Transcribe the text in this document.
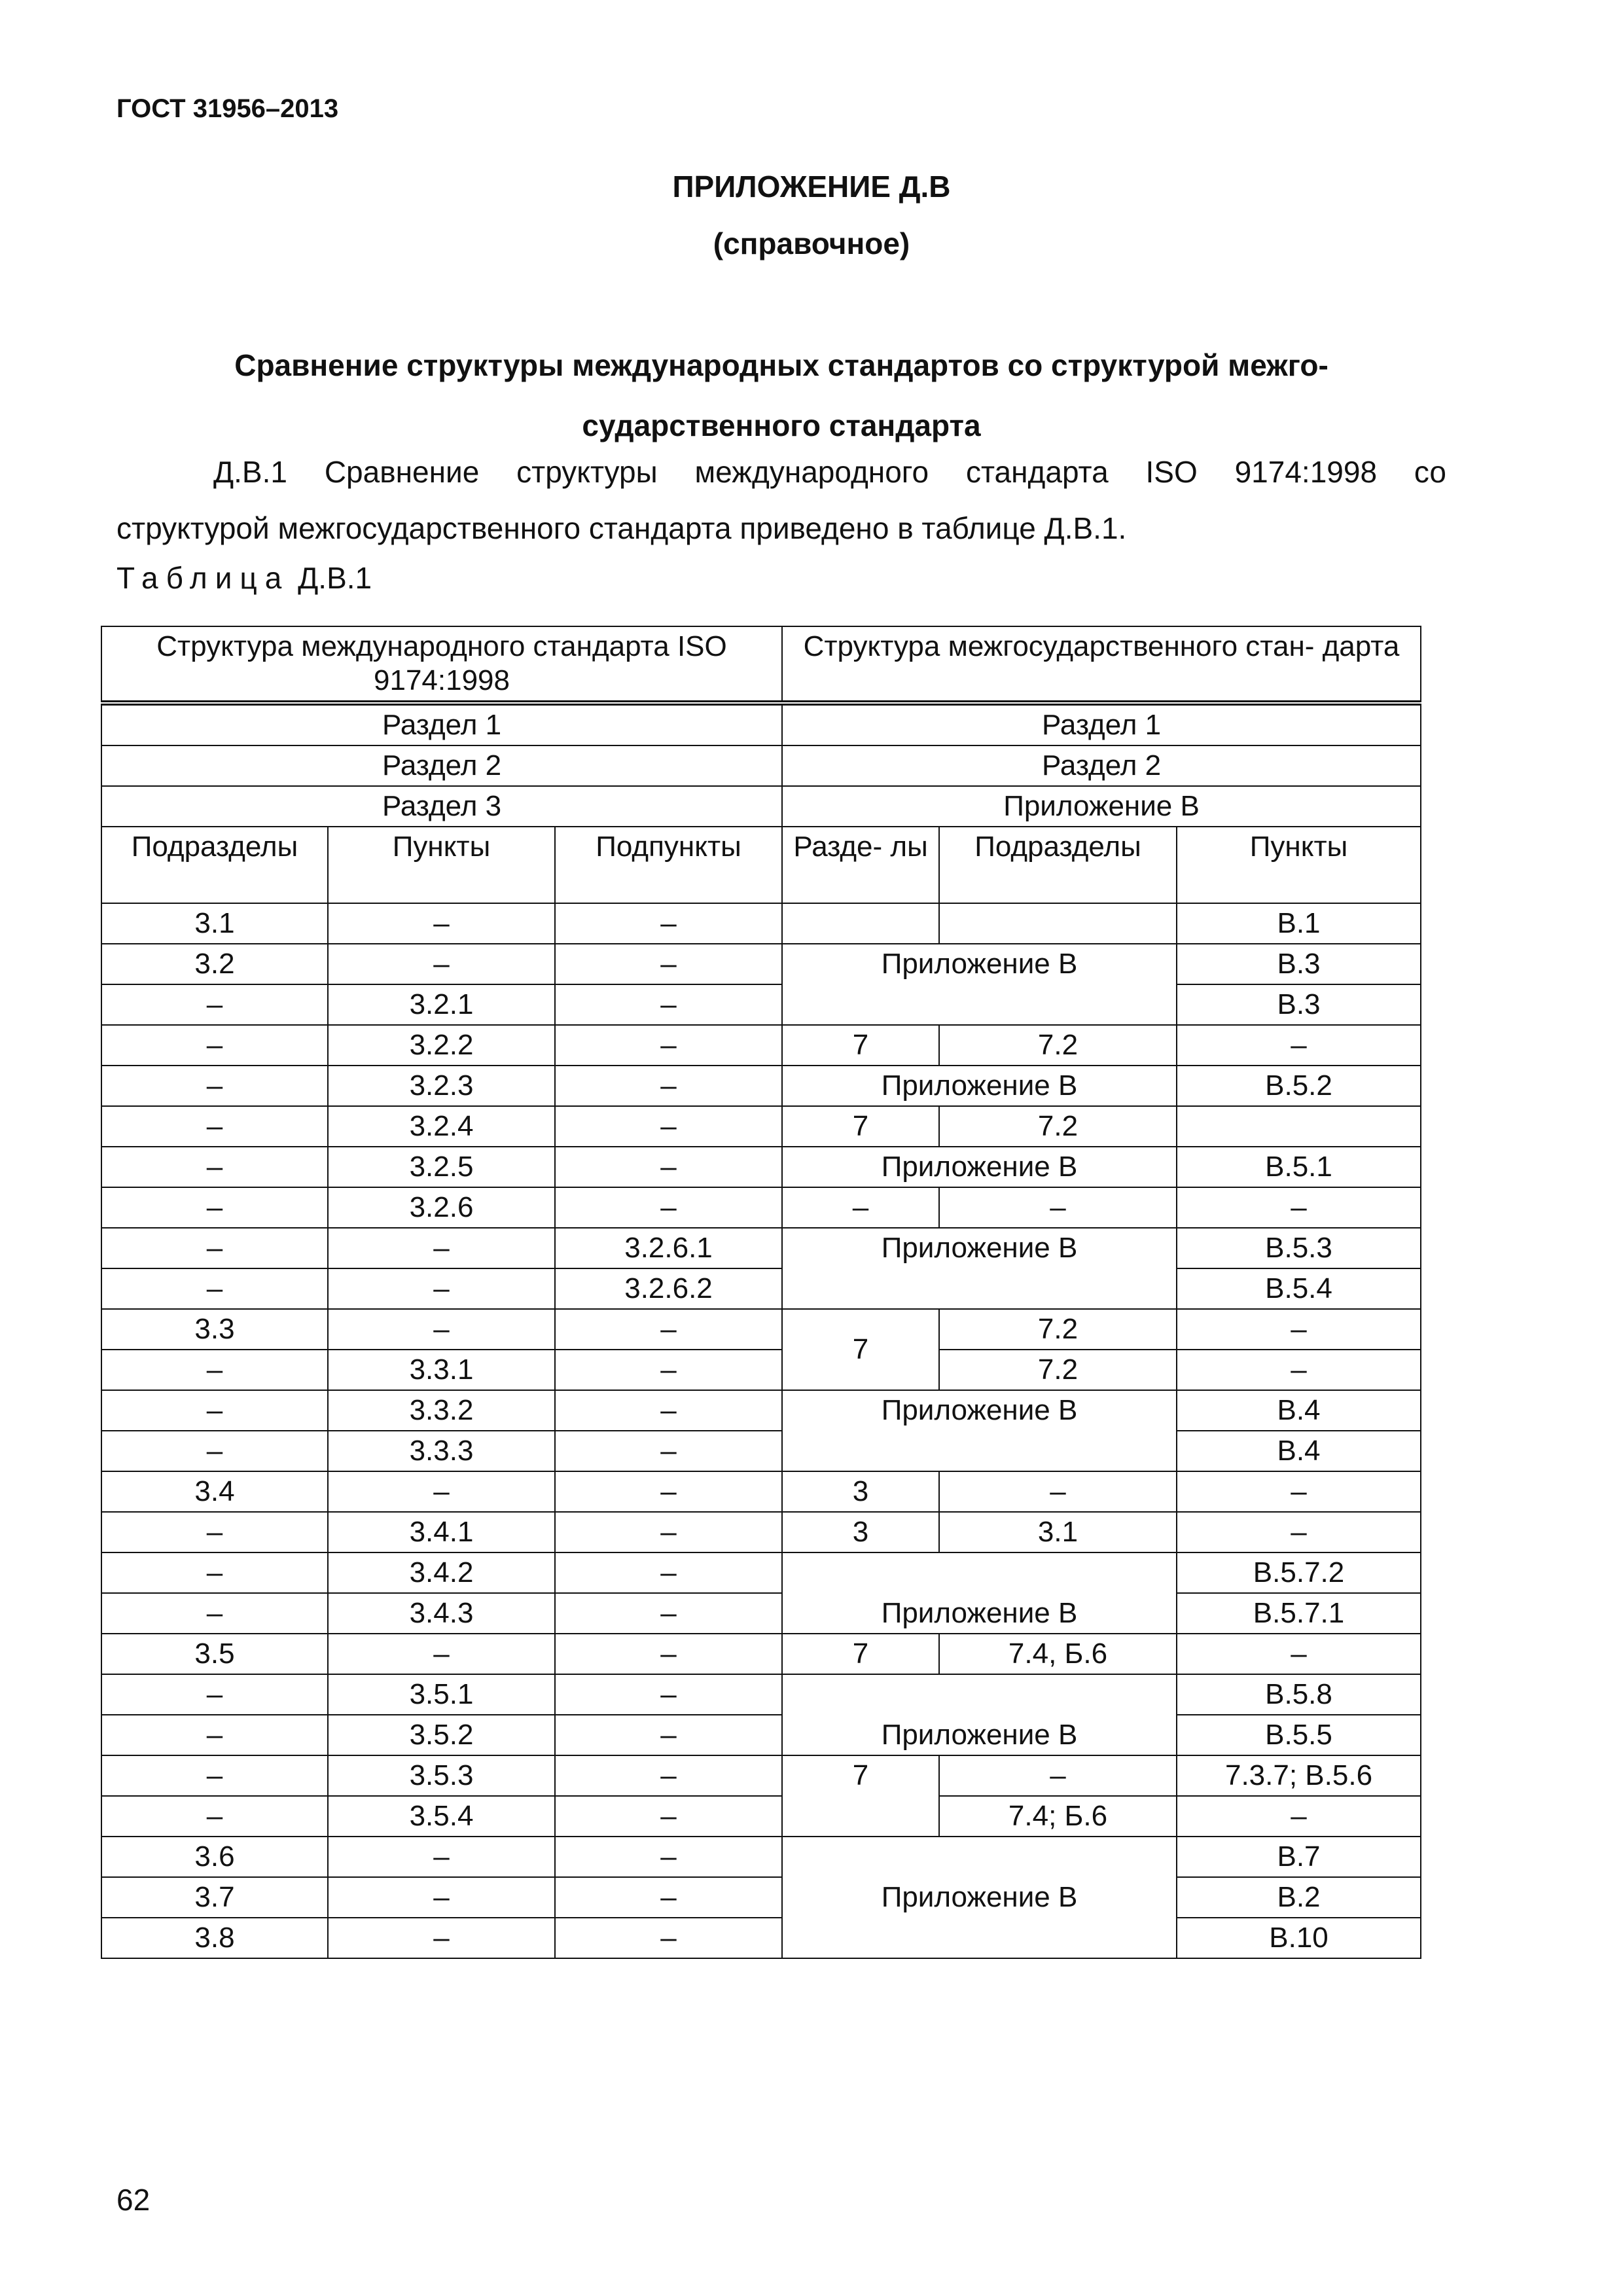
ГОСТ 31956–2013
ПРИЛОЖЕНИЕ Д.В
(справочное)
Сравнение структуры международных стандартов со структурой межго-
сударственного стандарта
Д.В.1 Сравнение структуры международного стандарта ISO 9174:1998 со
структурой межгосударственного стандарта приведено в таблице Д.В.1.
Таблица Д.В.1
Структура международного стандарта ISO 9174:1998			Структура межгосударственного стан- дарта		
Раздел 1			Раздел 1		
Раздел 2			Раздел 2		
Раздел 3			Приложение В		
Подразделы	Пункты	Подпункты	Разде- лы	Подразделы	Пункты
3.1	–	–			В.1
3.2	–	–	Приложение В		В.3
–	3.2.1	–			В.3
–	3.2.2	–	7	7.2	–
–	3.2.3	–	Приложение В		В.5.2
–	3.2.4	–	7	7.2	
–	3.2.5	–	Приложение В		В.5.1
–	3.2.6	–	–	–	–
–	–	3.2.6.1	Приложение В		В.5.3
–	–	3.2.6.2			В.5.4
3.3	–	–	7	7.2	–
–	3.3.1	–		7.2	–
–	3.3.2	–	Приложение В		В.4
–	3.3.3	–			В.4
3.4	–	–	3	–	–
–	3.4.1	–	3	3.1	–
–	3.4.2	–	Приложение В		В.5.7.2
–	3.4.3	–			В.5.7.1
3.5	–	–	7	7.4, Б.6	–
–	3.5.1	–	Приложение В		В.5.8
–	3.5.2	–			В.5.5
–	3.5.3	–	7	–	7.3.7; В.5.6
–	3.5.4	–		7.4; Б.6	–
3.6	–	–	Приложение В		В.7
3.7	–	–			В.2
3.8	–	–			В.10
62
